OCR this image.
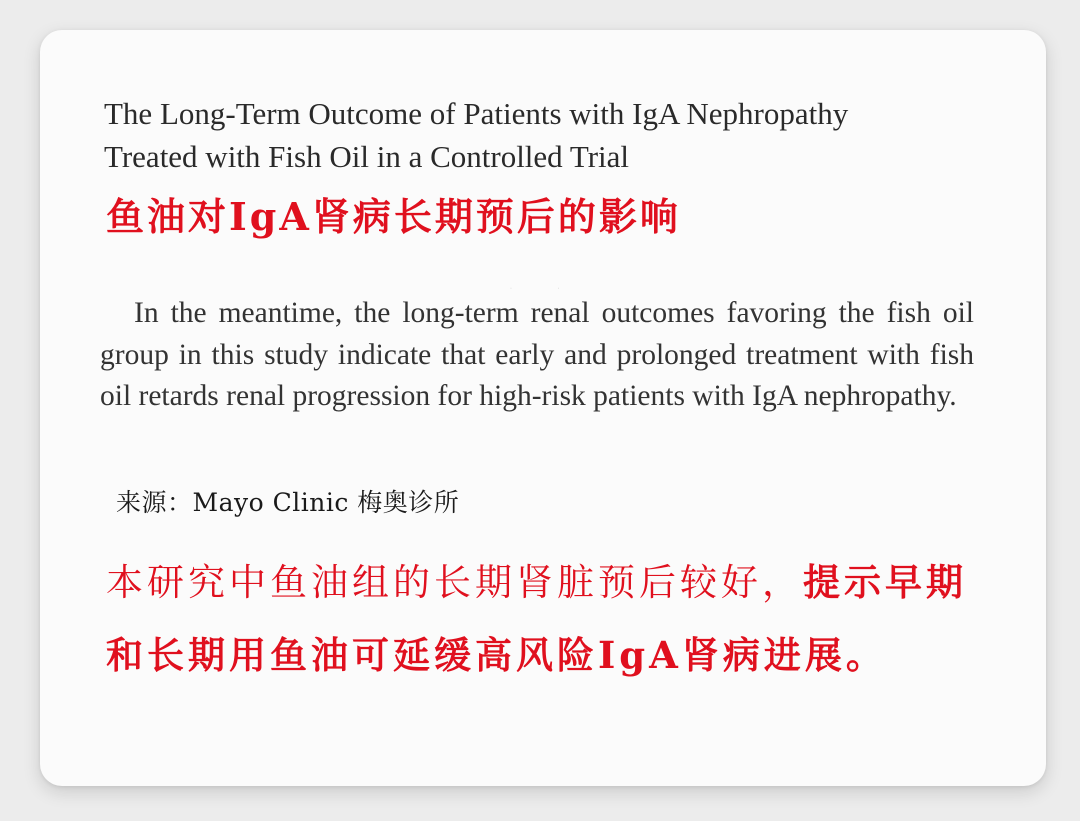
The Long-Term Outcome of Patients with IgA Nephropathy
Treated with Fish Oil in a Controlled Trial
鱼油对IgA肾病长期预后的影响
· ·
In the meantime, the long-term renal outcomes favoring the fish oil group in this study indicate that early and prolonged treatment with fish oil retards renal progression for high-risk patients with IgA nephropathy.
来源：Mayo Clinic 梅奥诊所
本研究中鱼油组的长期肾脏预后较好，提示早期和长期用鱼油可延缓高风险IgA肾病进展。
